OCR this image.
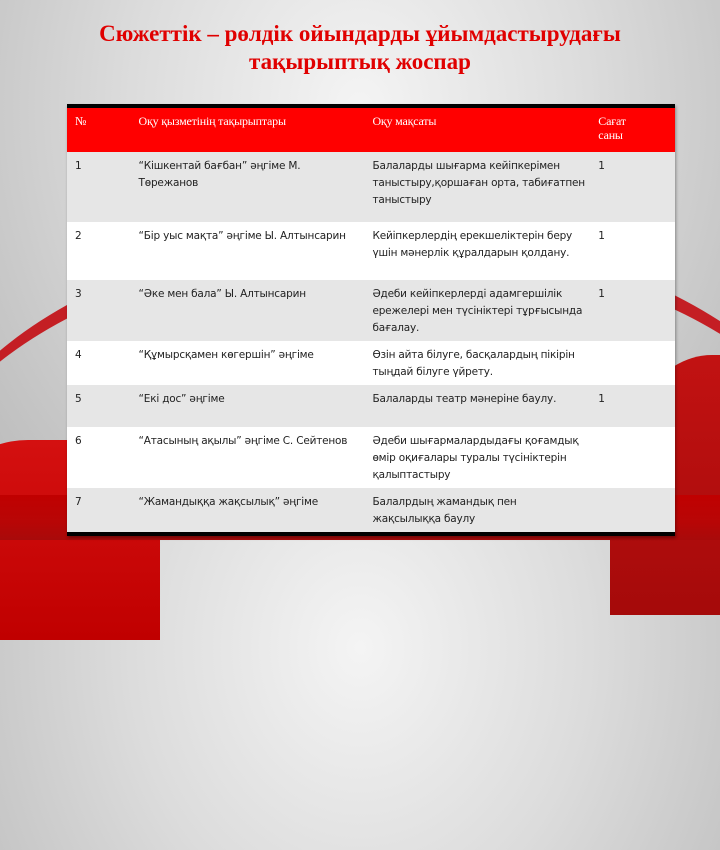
Сюжеттік – рөлдік ойындарды ұйымдастырудағы
тақырыптық жоспар
№	Оқу қызметінің тақырыптары	Оқу мақсаты	Сағат
саны
1	“Кішкентай бағбан” әңгіме М. Төрежанов	Балаларды шығарма кейіпкерімен таныстыру,қоршаған орта, табиғатпен таныстыру	1
2	“Бір уыс мақта” әңгіме Ы. Алтынсарин	Кейіпкерлердің ерекшеліктерін беру үшін мәнерлік құралдарын қолдану.	1
3	“Әке мен бала” Ы. Алтынсарин	Әдеби кейіпкерлерді адамгершілік ережелері мен түсініктері тұрғысында бағалау.	1
4	“Құмырсқамен көгершін” әңгіме	Өзін айта білуге, басқалардың пікірін тыңдай білуге үйрету.	
5	“Екі дос” әңгіме	Балаларды театр мәнеріне баулу.	1
6	“Атасының ақылы” әңгіме С. Сейтенов	Әдеби шығармалардыдағы қоғамдық өмір оқиғалары туралы түсініктерін қалыптастыру	
7	“Жамандыққа жақсылық” әңгіме	Балалрдың жамандық пен жақсылыққа баулу	
